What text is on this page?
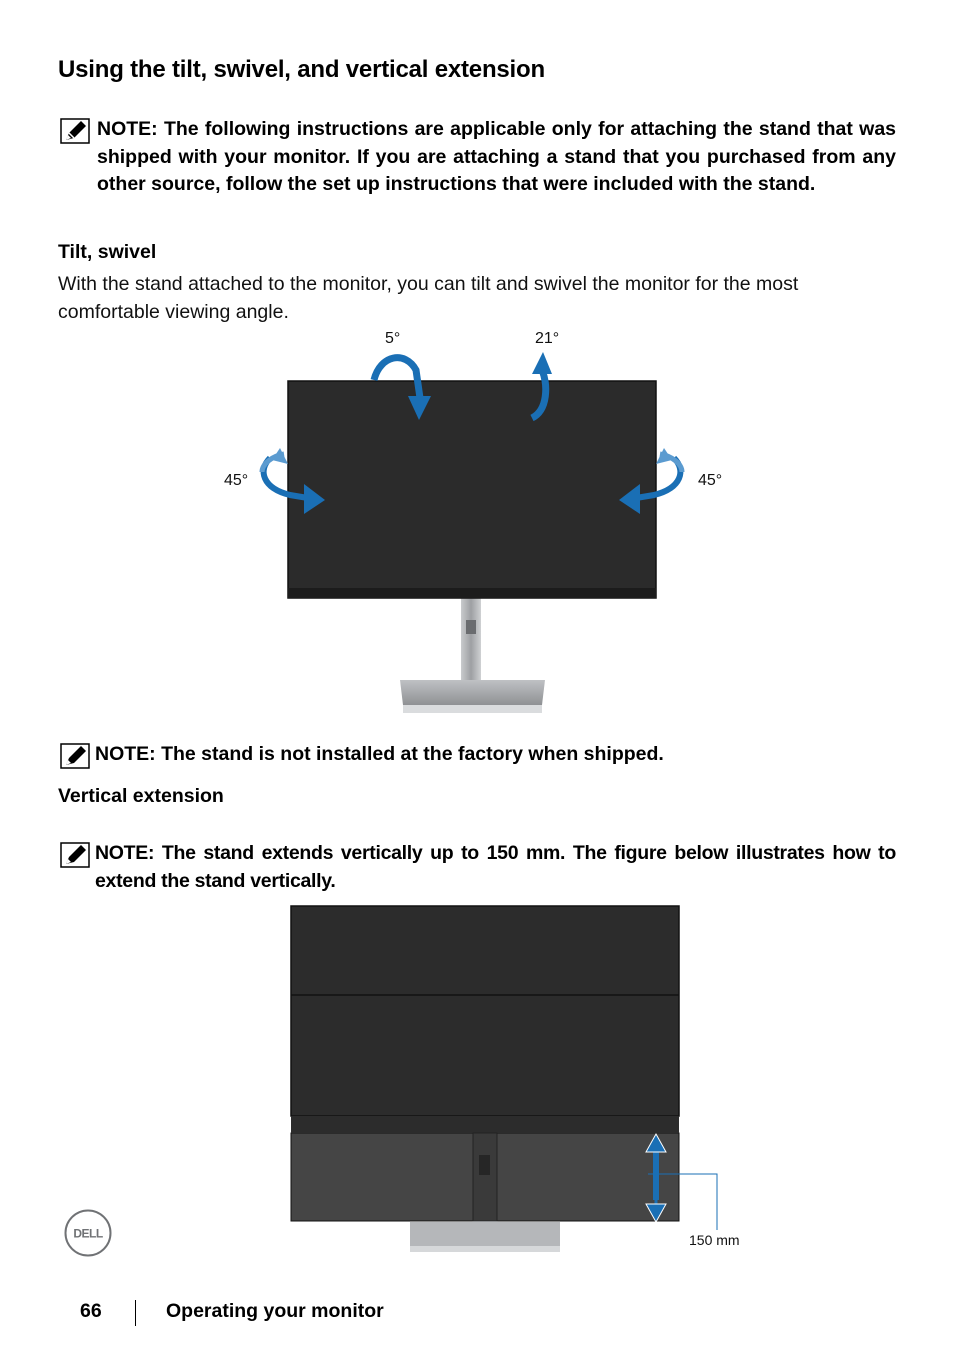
Using the tilt, swivel, and vertical extension
NOTE: The following instructions are applicable only for attaching the stand that was shipped with your monitor. If you are attaching a stand that you purchased from any other source, follow the set up instructions that were included with the stand.
Tilt, swivel

With the stand attached to the monitor, you can tilt and swivel the monitor for the most comfortable viewing angle.

5°	21°
45°	45°
NOTE: The stand is not installed at the factory when shipped.
Vertical extension
NOTE: The stand extends vertically up to 150 mm. The figure below illustrates how to extend the stand vertically.
150 mm
DELL
66	Operating your monitor
